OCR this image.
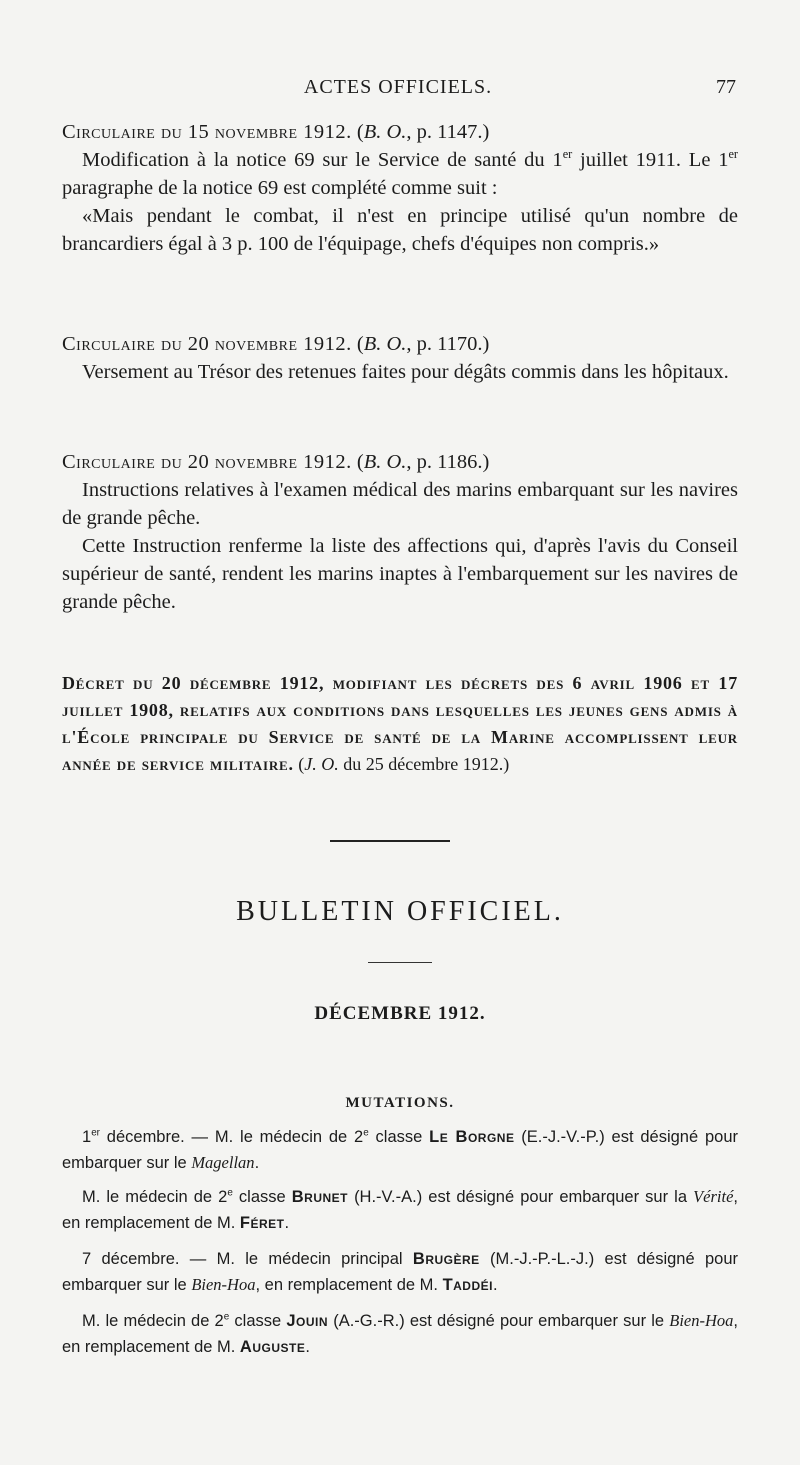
ACTES OFFICIELS.	77

Circulaire du 15 novembre 1912. (B. O., p. 1147.)

Modification à la notice 69 sur le Service de santé du 1er juillet 1911. Le 1er paragraphe de la notice 69 est complété comme suit :

«Mais pendant le combat, il n'est en principe utilisé qu'un nombre de brancardiers égal à 3 p. 100 de l'équipage, chefs d'équipes non compris.»

Circulaire du 20 novembre 1912. (B. O., p. 1170.)

Versement au Trésor des retenues faites pour dégâts commis dans les hôpitaux.

Circulaire du 20 novembre 1912. (B. O., p. 1186.)

Instructions relatives à l'examen médical des marins embarquant sur les navires de grande pêche.

Cette Instruction renferme la liste des affections qui, d'après l'avis du Conseil supérieur de santé, rendent les marins inaptes à l'embarquement sur les navires de grande pêche.

Décret du 20 décembre 1912, modifiant les décrets des 6 avril 1906 et 17 juillet 1908, relatifs aux conditions dans lesquelles les jeunes gens admis à l'École principale du Service de santé de la Marine accomplissent leur année de service militaire. (J. O. du 25 décembre 1912.)

BULLETIN OFFICIEL.
DÉCEMBRE 1912.
MUTATIONS.

1er décembre. — M. le médecin de 2e classe Le Borgne (E.-J.-V.-P.) est désigné pour embarquer sur le Magellan.

M. le médecin de 2e classe Brunet (H.-V.-A.) est désigné pour embarquer sur la Vérité, en remplacement de M. Féret.

7 décembre. — M. le médecin principal Brugère (M.-J.-P.-L.-J.) est désigné pour embarquer sur le Bien-Hoa, en remplacement de M. Taddéi.

M. le médecin de 2e classe Jouin (A.-G.-R.) est désigné pour embarquer sur le Bien-Hoa, en remplacement de M. Auguste.
